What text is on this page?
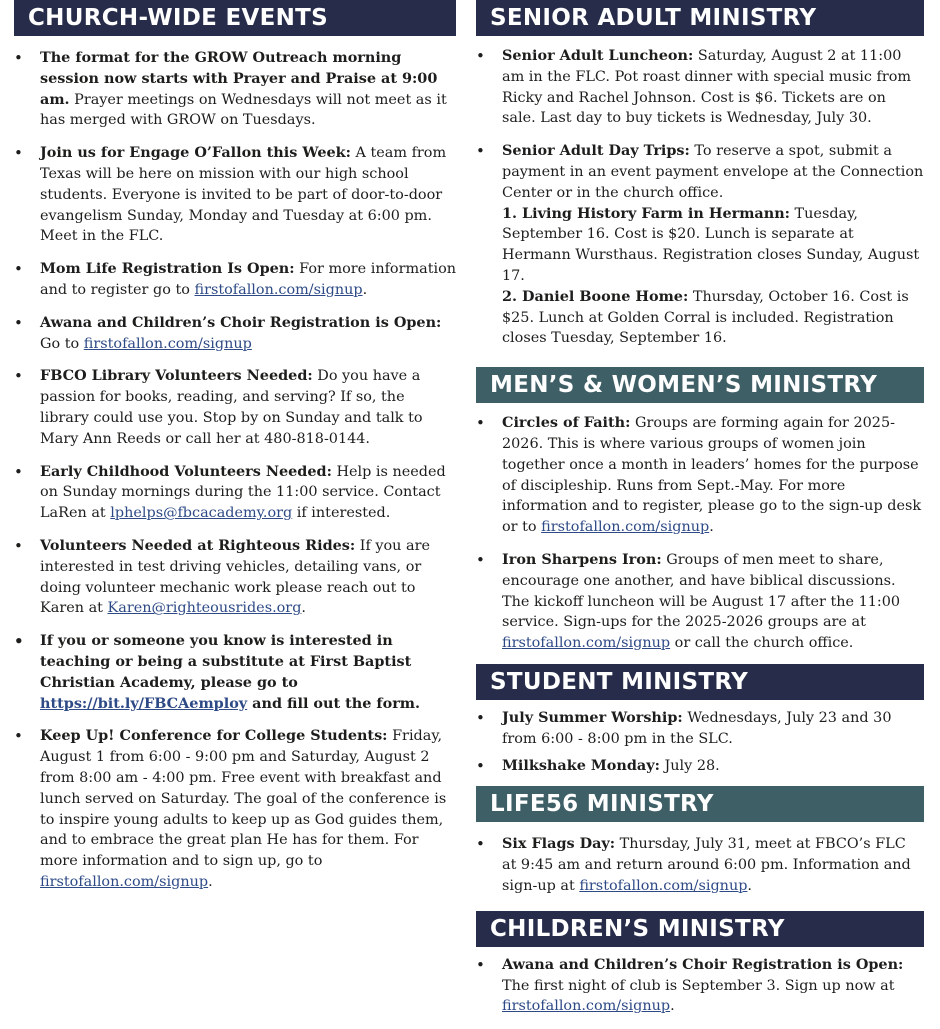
CHURCH-WIDE EVENTS
• The format for the GROW Outreach morning session now starts with Prayer and Praise at 9:00 am. Prayer meetings on Wednesdays will not meet as it has merged with GROW on Tuesdays.
• Join us for Engage O’Fallon this Week: A team from Texas will be here on mission with our high school students. Everyone is invited to be part of door-to-door evangelism Sunday, Monday and Tuesday at 6:00 pm. Meet in the FLC.
• Mom Life Registration Is Open: For more information and to register go to firstofallon.com/signup.
• Awana and Children’s Choir Registration is Open: Go to firstofallon.com/signup
• FBCO Library Volunteers Needed: Do you have a passion for books, reading, and serving? If so, the library could use you. Stop by on Sunday and talk to Mary Ann Reeds or call her at 480-818-0144.
• Early Childhood Volunteers Needed: Help is needed on Sunday mornings during the 11:00 service. Contact LaRen at lphelps@fbcacademy.org if interested.
• Volunteers Needed at Righteous Rides: If you are interested in test driving vehicles, detailing vans, or doing volunteer mechanic work please reach out to Karen at Karen@righteousrides.org.
• If you or someone you know is interested in teaching or being a substitute at First Baptist Christian Academy, please go to https://bit.ly/FBCAemploy and fill out the form.
• Keep Up! Conference for College Students: Friday, August 1 from 6:00 - 9:00 pm and Saturday, August 2 from 8:00 am - 4:00 pm. Free event with breakfast and lunch served on Saturday. The goal of the conference is to inspire young adults to keep up as God guides them, and to embrace the great plan He has for them. For more information and to sign up, go to firstofallon.com/signup.
SENIOR ADULT MINISTRY
• Senior Adult Luncheon: Saturday, August 2 at 11:00 am in the FLC. Pot roast dinner with special music from Ricky and Rachel Johnson. Cost is $6. Tickets are on sale. Last day to buy tickets is Wednesday, July 30.
• Senior Adult Day Trips: To reserve a spot, submit a payment in an event payment envelope at the Connection Center or in the church office.
1. Living History Farm in Hermann: Tuesday, September 16. Cost is $20. Lunch is separate at Hermann Wursthaus. Registration closes Sunday, August 17.
2. Daniel Boone Home: Thursday, October 16. Cost is $25. Lunch at Golden Corral is included. Registration closes Tuesday, September 16.
MEN’S & WOMEN’S MINISTRY
• Circles of Faith: Groups are forming again for 2025-2026. This is where various groups of women join together once a month in leaders’ homes for the purpose of discipleship. Runs from Sept.-May. For more information and to register, please go to the sign-up desk or to firstofallon.com/signup.
• Iron Sharpens Iron: Groups of men meet to share, encourage one another, and have biblical discussions. The kickoff luncheon will be August 17 after the 11:00 service. Sign-ups for the 2025-2026 groups are at firstofallon.com/signup or call the church office.
STUDENT MINISTRY
• July Summer Worship: Wednesdays, July 23 and 30 from 6:00 - 8:00 pm in the SLC.
• Milkshake Monday: July 28.
LIFE56 MINISTRY
• Six Flags Day: Thursday, July 31, meet at FBCO’s FLC at 9:45 am and return around 6:00 pm. Information and sign-up at firstofallon.com/signup.
CHILDREN’S MINISTRY
• Awana and Children’s Choir Registration is Open:
The first night of club is September 3. Sign up now at firstofallon.com/signup.
